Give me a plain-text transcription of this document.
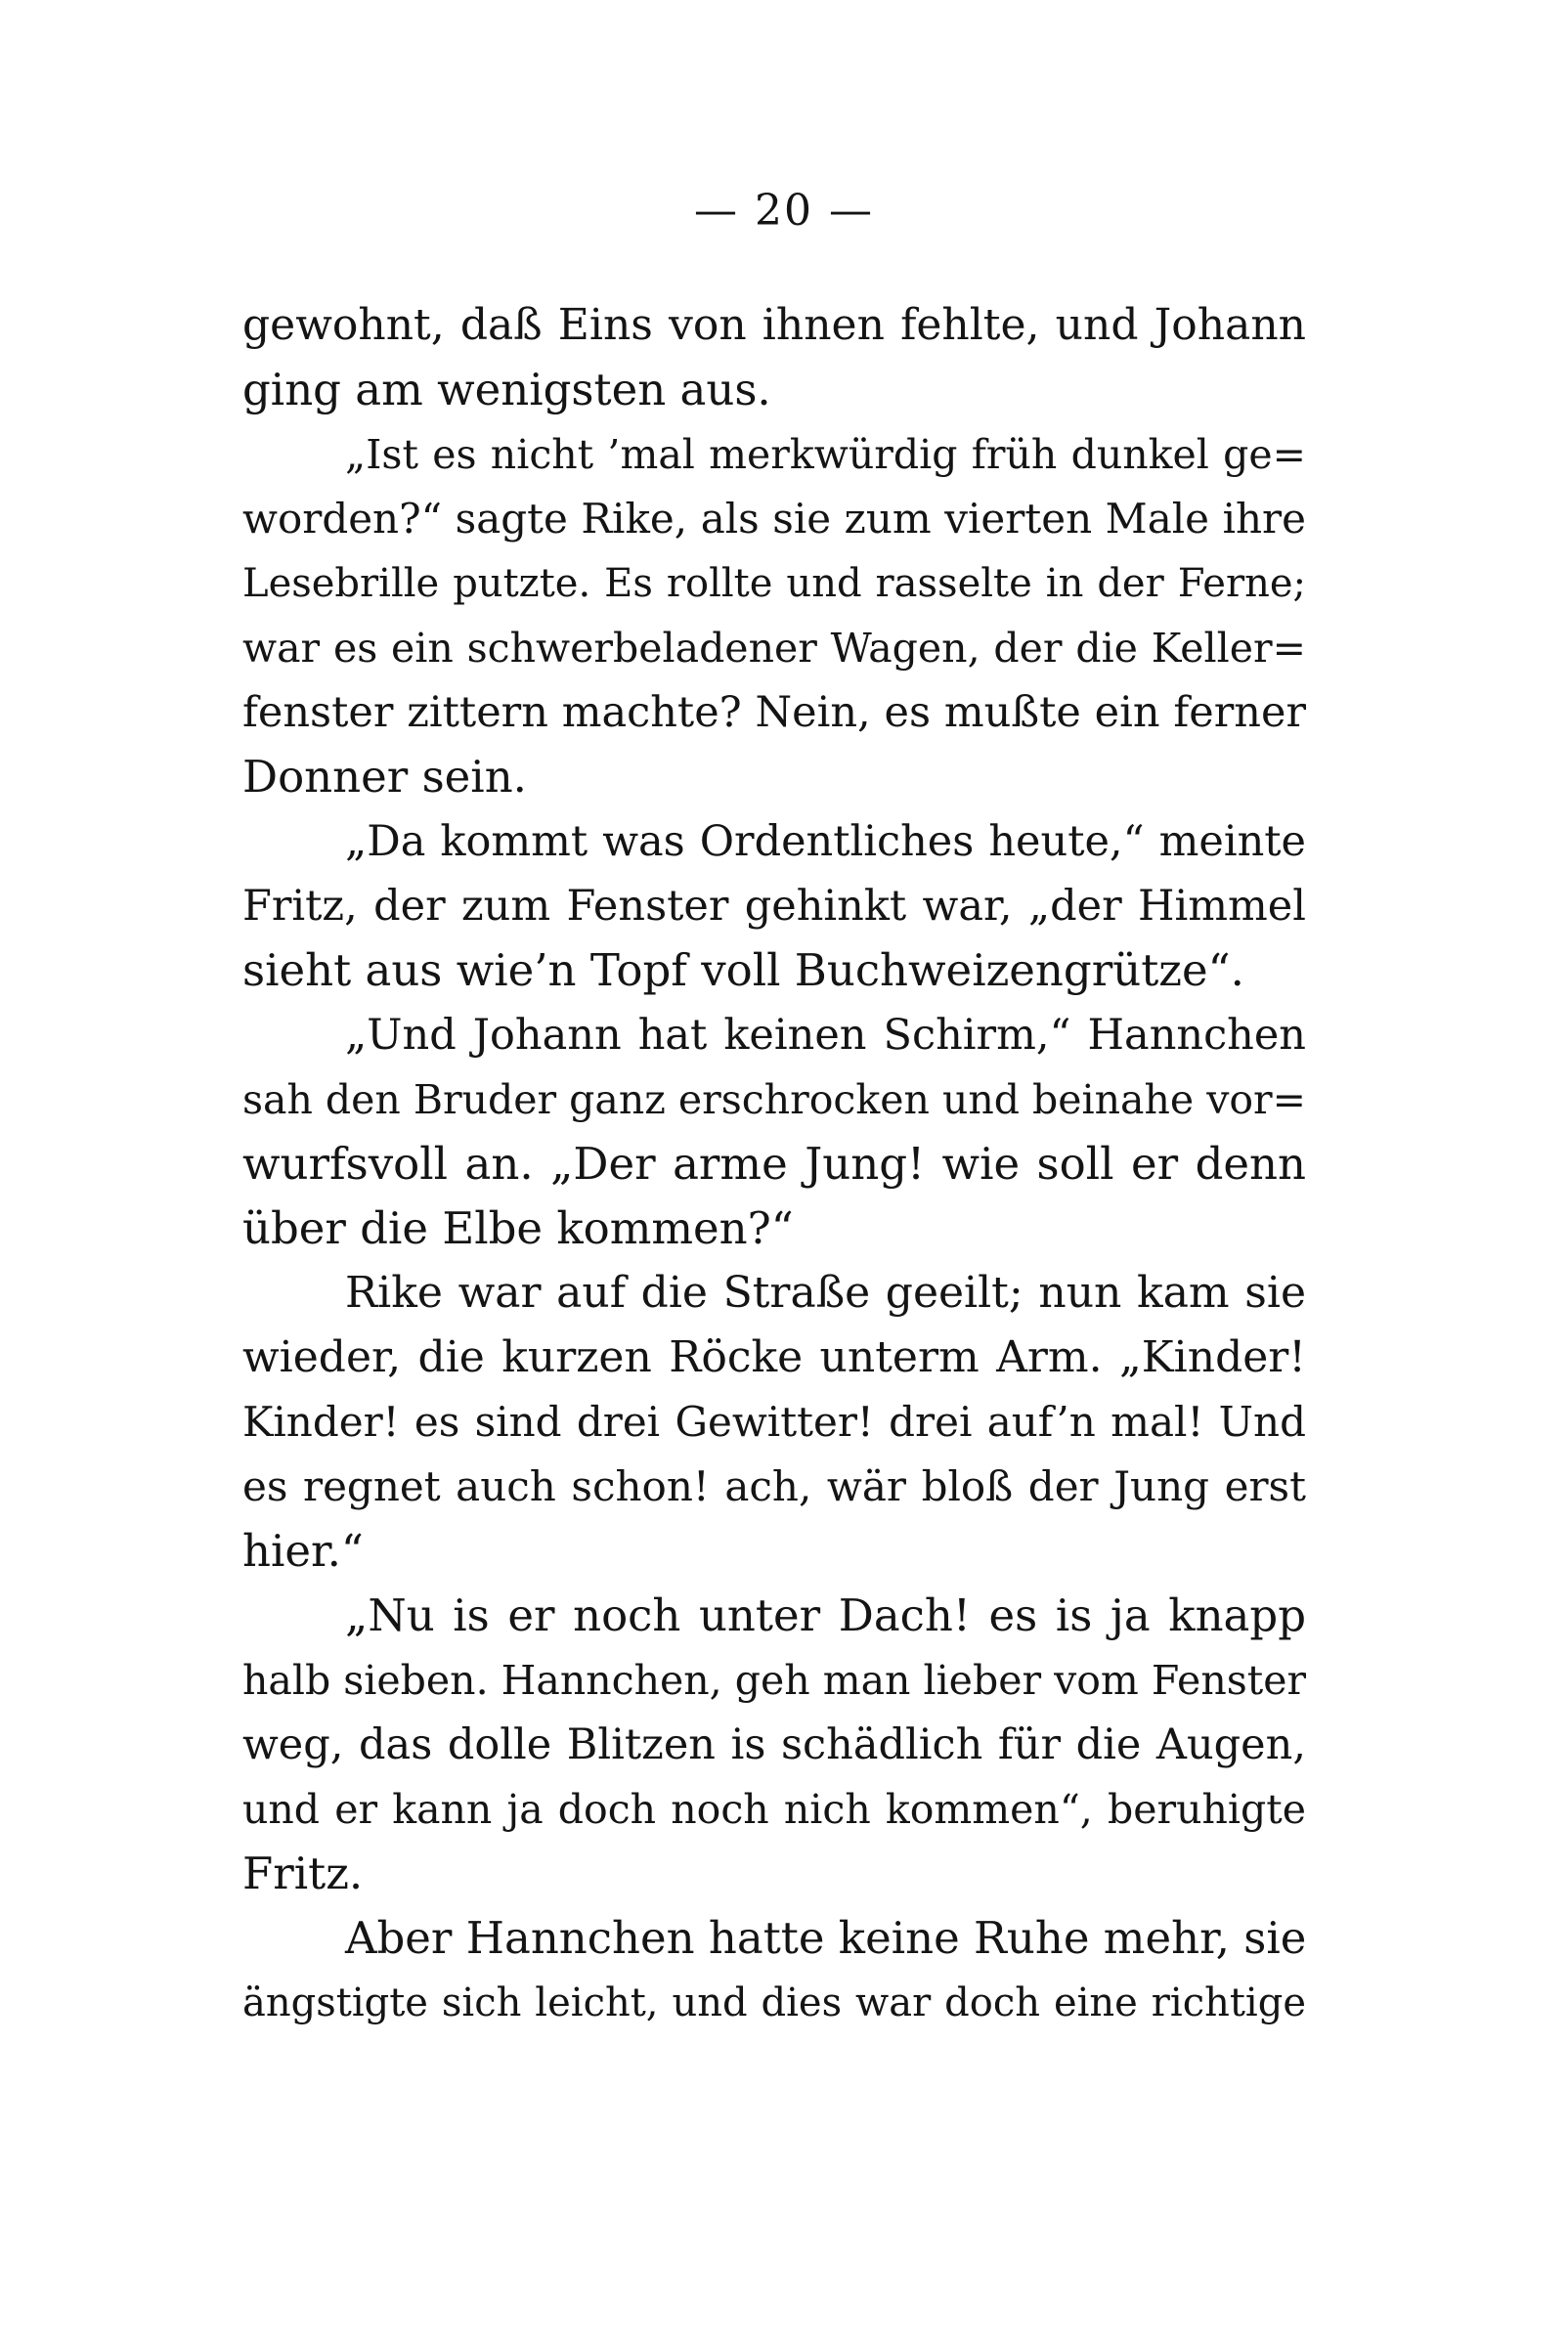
— 20 —
gewohnt, daß Eins von ihnen fehlte, und Johann
ging am wenigsten aus.
„Ist es nicht ’mal merkwürdig früh dunkel ge=
worden?“ sagte Rike, als sie zum vierten Male ihre
Lesebrille putzte. Es rollte und rasselte in der Ferne;
war es ein schwerbeladener Wagen, der die Keller=
fenster zittern machte? Nein, es mußte ein ferner
Donner sein.
„Da kommt was Ordentliches heute,“ meinte
Fritz, der zum Fenster gehinkt war, „der Himmel
sieht aus wie’n Topf voll Buchweizengrütze“.
„Und Johann hat keinen Schirm,“ Hannchen
sah den Bruder ganz erschrocken und beinahe vor=
wurfsvoll an. „Der arme Jung! wie soll er denn
über die Elbe kommen?“
Rike war auf die Straße geeilt; nun kam sie
wieder, die kurzen Röcke unterm Arm. „Kinder!
Kinder! es sind drei Gewitter! drei auf’n mal! Und
es regnet auch schon! ach, wär bloß der Jung erst
hier.“
„Nu is er noch unter Dach! es is ja knapp
halb sieben. Hannchen, geh man lieber vom Fenster
weg, das dolle Blitzen is schädlich für die Augen,
und er kann ja doch noch nich kommen“, beruhigte
Fritz.
Aber Hannchen hatte keine Ruhe mehr, sie
ängstigte sich leicht, und dies war doch eine richtige
